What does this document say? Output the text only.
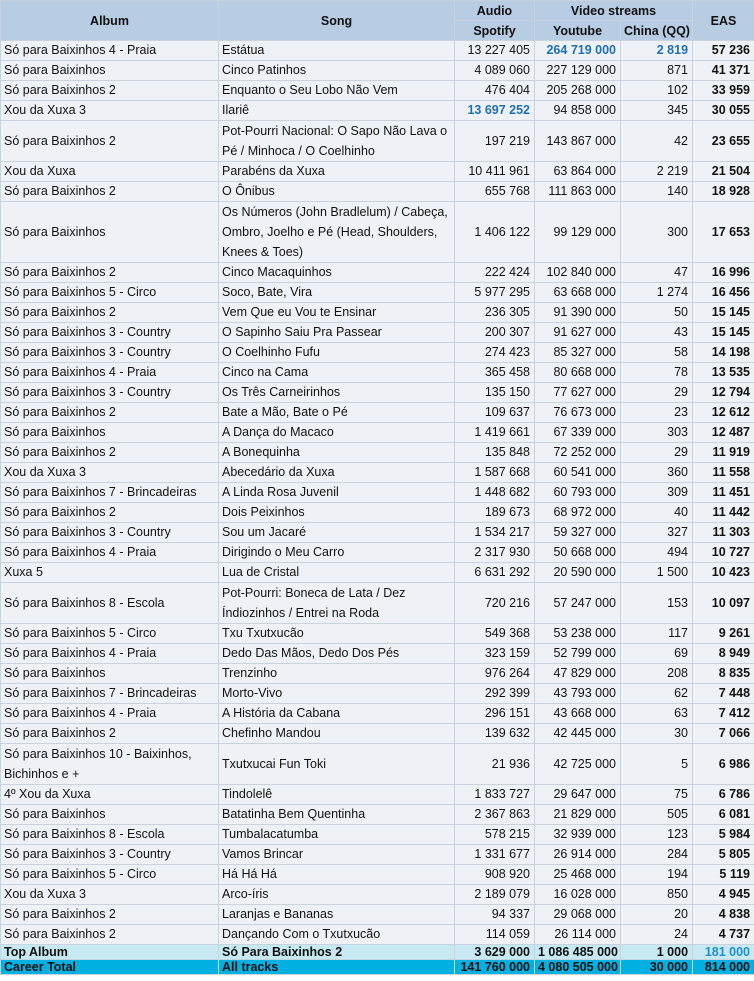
Album	Song	Audio	Video streams		EAS
		Spotify	Youtube	China (QQ)	
Só para Baixinhos 4 - Praia	Estátua	13 227 405	264 719 000	2 819	57 236
Só para Baixinhos	Cinco Patinhos	4 089 060	227 129 000	871	41 371
Só para Baixinhos 2	Enquanto o Seu Lobo Não Vem	476 404	205 268 000	102	33 959
Xou da Xuxa 3	Ilariê	13 697 252	94 858 000	345	30 055
Só para Baixinhos 2	Pot-Pourri Nacional: O Sapo Não Lava o Pé / Minhoca / O Coelhinho	197 219	143 867 000	42	23 655
Xou da Xuxa	Parabéns da Xuxa	10 411 961	63 864 000	2 219	21 504
Só para Baixinhos 2	O Ônibus	655 768	111 863 000	140	18 928
Só para Baixinhos	Os Números (John Bradlelum) / Cabeça, Ombro, Joelho e Pé (Head, Shoulders, Knees & Toes)	1 406 122	99 129 000	300	17 653
Só para Baixinhos 2	Cinco Macaquinhos	222 424	102 840 000	47	16 996
Só para Baixinhos 5 - Circo	Soco, Bate, Vira	5 977 295	63 668 000	1 274	16 456
Só para Baixinhos 2	Vem Que eu Vou te Ensinar	236 305	91 390 000	50	15 145
Só para Baixinhos 3 - Country	O Sapinho Saiu Pra Passear	200 307	91 627 000	43	15 145
Só para Baixinhos 3 - Country	O Coelhinho Fufu	274 423	85 327 000	58	14 198
Só para Baixinhos 4 - Praia	Cinco na Cama	365 458	80 668 000	78	13 535
Só para Baixinhos 3 - Country	Os Três Carneirinhos	135 150	77 627 000	29	12 794
Só para Baixinhos 2	Bate a Mão, Bate o Pé	109 637	76 673 000	23	12 612
Só para Baixinhos	A Dança do Macaco	1 419 661	67 339 000	303	12 487
Só para Baixinhos 2	A Bonequinha	135 848	72 252 000	29	11 919
Xou da Xuxa 3	Abecedário da Xuxa	1 587 668	60 541 000	360	11 558
Só para Baixinhos 7 - Brincadeiras	A Linda Rosa Juvenil	1 448 682	60 793 000	309	11 451
Só para Baixinhos 2	Dois Peixinhos	189 673	68 972 000	40	11 442
Só para Baixinhos 3 - Country	Sou um Jacaré	1 534 217	59 327 000	327	11 303
Só para Baixinhos 4 - Praia	Dirigindo o Meu Carro	2 317 930	50 668 000	494	10 727
Xuxa 5	Lua de Cristal	6 631 292	20 590 000	1 500	10 423
Só para Baixinhos 8 - Escola	Pot-Pourri: Boneca de Lata / Dez Índiozinhos / Entrei na Roda	720 216	57 247 000	153	10 097
Só para Baixinhos 5 - Circo	Txu Txutxucão	549 368	53 238 000	117	9 261
Só para Baixinhos 4 - Praia	Dedo Das Mãos, Dedo Dos Pés	323 159	52 799 000	69	8 949
Só para Baixinhos	Trenzinho	976 264	47 829 000	208	8 835
Só para Baixinhos 7 - Brincadeiras	Morto-Vivo	292 399	43 793 000	62	7 448
Só para Baixinhos 4 - Praia	A História da Cabana	296 151	43 668 000	63	7 412
Só para Baixinhos 2	Chefinho Mandou	139 632	42 445 000	30	7 066
Só para Baixinhos 10 - Baixinhos, Bichinhos e +	Txutxucai Fun Toki	21 936	42 725 000	5	6 986
4º Xou da Xuxa	Tindolelê	1 833 727	29 647 000	75	6 786
Só para Baixinhos	Batatinha Bem Quentinha	2 367 863	21 829 000	505	6 081
Só para Baixinhos 8 - Escola	Tumbalacatumba	578 215	32 939 000	123	5 984
Só para Baixinhos 3 - Country	Vamos Brincar	1 331 677	26 914 000	284	5 805
Só para Baixinhos 5 - Circo	Há Há Há	908 920	25 468 000	194	5 119
Xou da Xuxa 3	Arco-íris	2 189 079	16 028 000	850	4 945
Só para Baixinhos 2	Laranjas e Bananas	94 337	29 068 000	20	4 838
Só para Baixinhos 2	Dançando Com o Txutxucão	114 059	26 114 000	24	4 737
Top Album	Só Para Baixinhos 2	3 629 000	1 086 485 000	1 000	181 000
Career Total	All tracks	141 760 000	4 080 505 000	30 000	814 000
